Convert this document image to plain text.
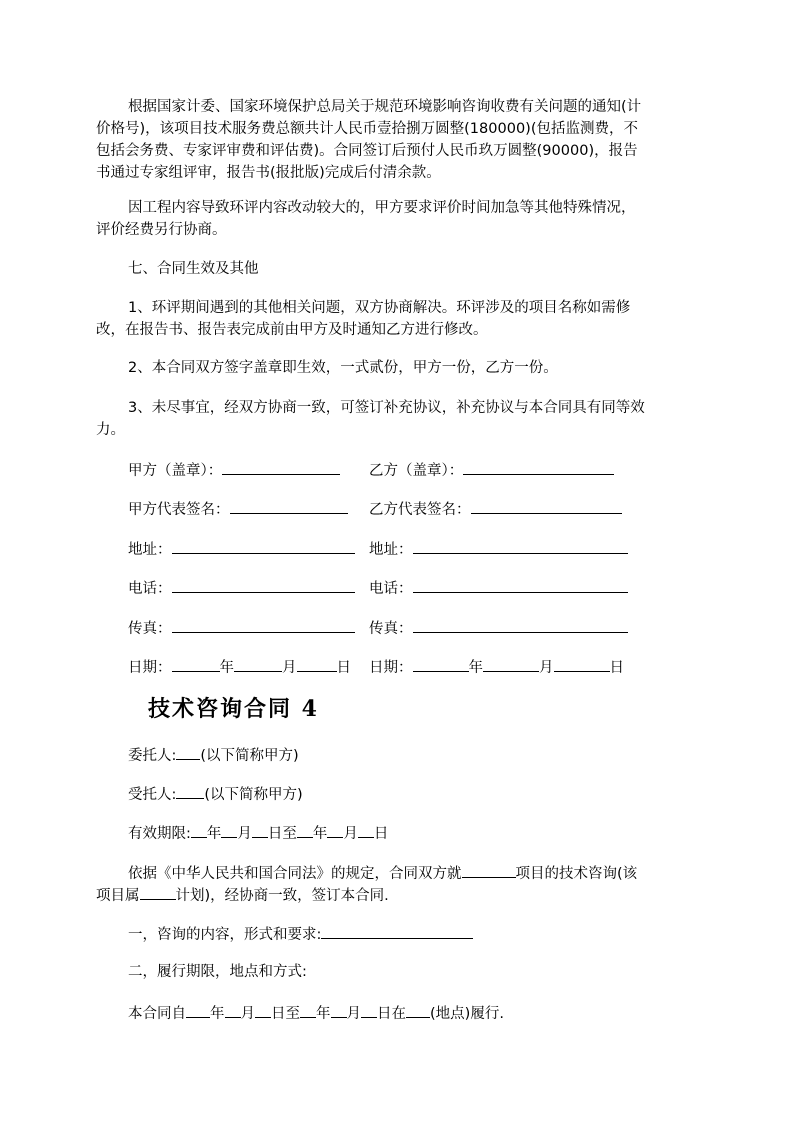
根据国家计委、国家环境保护总局关于规范环境影响咨询收费有关问题的通知(计
价格号)，该项目技术服务费总额共计人民币壹拾捌万圆整(180000)(包括监测费，不
包括会务费、专家评审费和评估费)。合同签订后预付人民币玖万圆整(90000)，报告
书通过专家组评审，报告书(报批版)完成后付清余款。

因工程内容导致环评内容改动较大的，甲方要求评价时间加急等其他特殊情况，
评价经费另行协商。

七、合同生效及其他

1、环评期间遇到的其他相关问题，双方协商解决。环评涉及的项目名称如需修
改，在报告书、报告表完成前由甲方及时通知乙方进行修改。

2、本合同双方签字盖章即生效，一式贰份，甲方一份，乙方一份。

3、未尽事宜，经双方协商一致，可签订补充协议，补充协议与本合同具有同等效
力。

甲方（盖章）：	乙方（盖章）：
甲方代表签名：	乙方代表签名：
地址：	地址：
电话：	电话：
传真：	传真：
日期：	年	月	日 日期：	年	月	日
技术咨询合同 4
委托人: (以下简称甲方)
受托人: (以下简称甲方)
有效期限: 年 月 日至 年 月 日
依据《中华人民共和国合同法》的规定，合同双方就	项目的技术咨询(该
项目属 计划)，经协商一致，签订本合同.
一，咨询的内容，形式和要求:
二，履行期限，地点和方式:
本合同自 年 月 日至 年 月 日在 (地点)履行.
